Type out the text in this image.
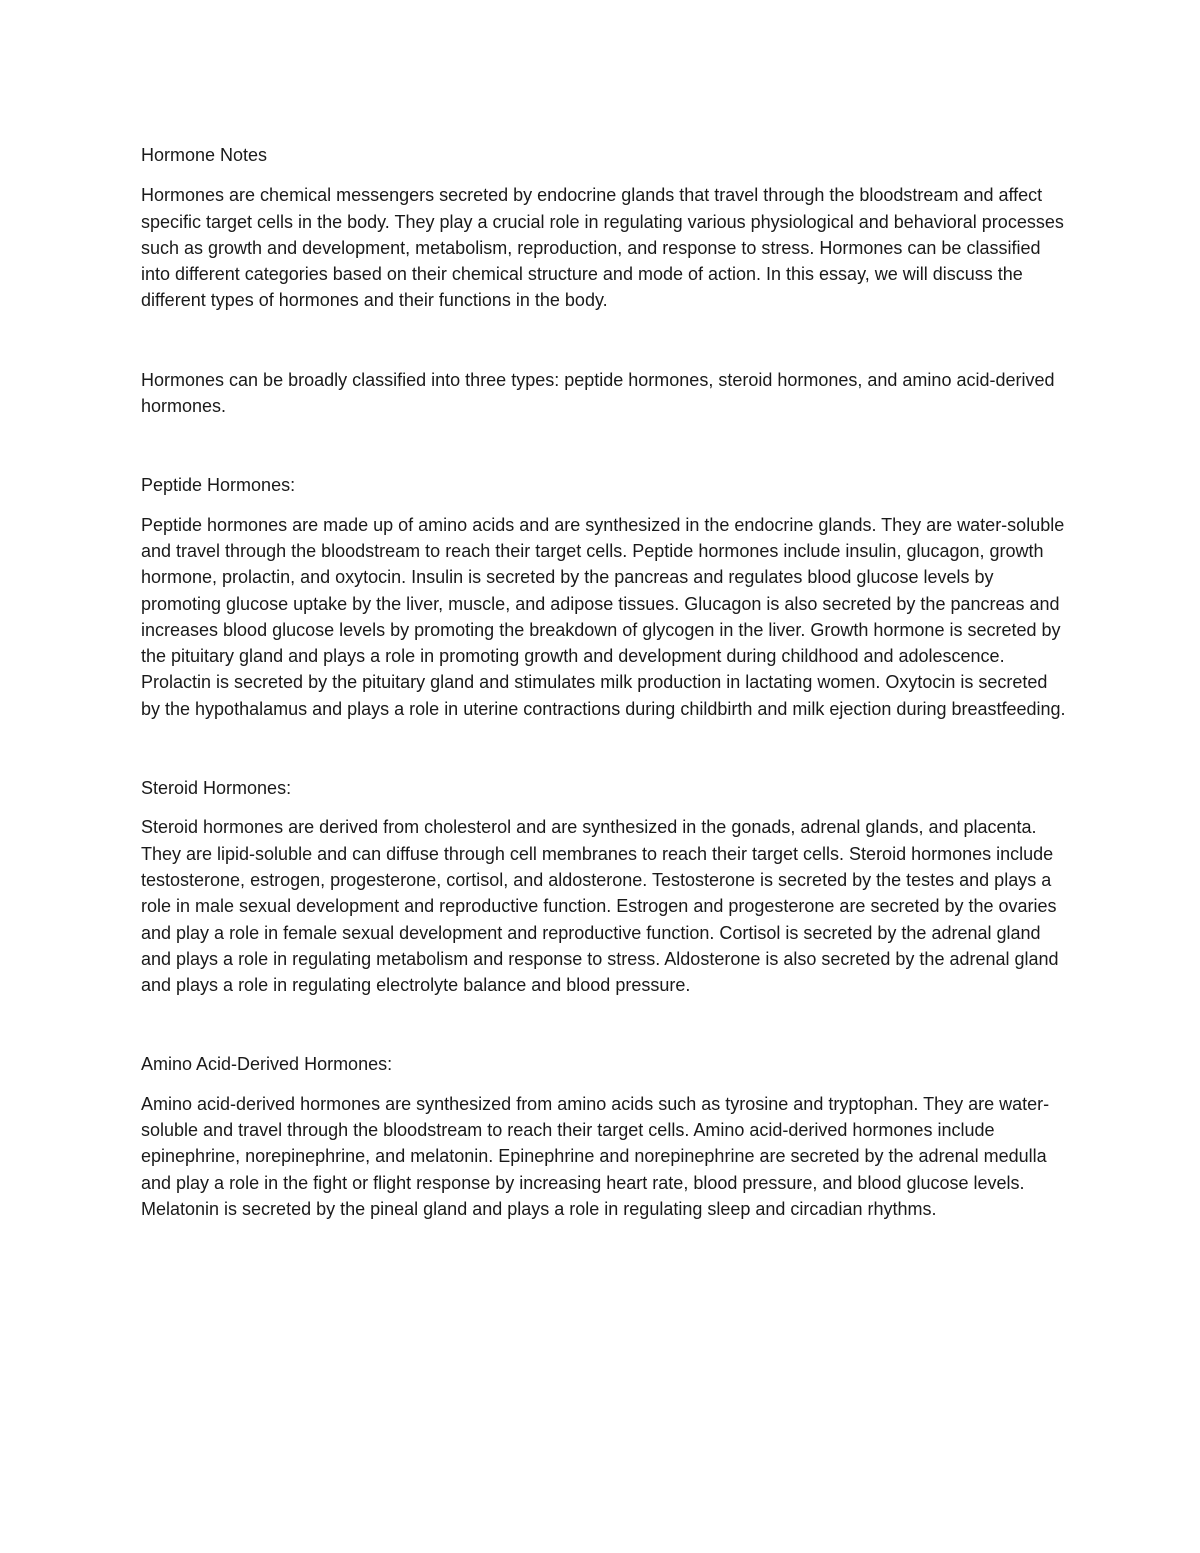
Hormone Notes

Hormones are chemical messengers secreted by endocrine glands that travel through the bloodstream and affect specific target cells in the body. They play a crucial role in regulating various physiological and behavioral processes such as growth and development, metabolism, reproduction, and response to stress. Hormones can be classified into different categories based on their chemical structure and mode of action. In this essay, we will discuss the different types of hormones and their functions in the body.

Hormones can be broadly classified into three types: peptide hormones, steroid hormones, and amino acid-derived hormones.

Peptide Hormones:

Peptide hormones are made up of amino acids and are synthesized in the endocrine glands. They are water-soluble and travel through the bloodstream to reach their target cells. Peptide hormones include insulin, glucagon, growth hormone, prolactin, and oxytocin. Insulin is secreted by the pancreas and regulates blood glucose levels by promoting glucose uptake by the liver, muscle, and adipose tissues. Glucagon is also secreted by the pancreas and increases blood glucose levels by promoting the breakdown of glycogen in the liver. Growth hormone is secreted by the pituitary gland and plays a role in promoting growth and development during childhood and adolescence. Prolactin is secreted by the pituitary gland and stimulates milk production in lactating women. Oxytocin is secreted by the hypothalamus and plays a role in uterine contractions during childbirth and milk ejection during breastfeeding.

Steroid Hormones:

Steroid hormones are derived from cholesterol and are synthesized in the gonads, adrenal glands, and placenta. They are lipid-soluble and can diffuse through cell membranes to reach their target cells. Steroid hormones include testosterone, estrogen, progesterone, cortisol, and aldosterone. Testosterone is secreted by the testes and plays a role in male sexual development and reproductive function. Estrogen and progesterone are secreted by the ovaries and play a role in female sexual development and reproductive function. Cortisol is secreted by the adrenal gland and plays a role in regulating metabolism and response to stress. Aldosterone is also secreted by the adrenal gland and plays a role in regulating electrolyte balance and blood pressure.

Amino Acid-Derived Hormones:

Amino acid-derived hormones are synthesized from amino acids such as tyrosine and tryptophan. They are water-soluble and travel through the bloodstream to reach their target cells. Amino acid-derived hormones include epinephrine, norepinephrine, and melatonin. Epinephrine and norepinephrine are secreted by the adrenal medulla and play a role in the fight or flight response by increasing heart rate, blood pressure, and blood glucose levels. Melatonin is secreted by the pineal gland and plays a role in regulating sleep and circadian rhythms.
